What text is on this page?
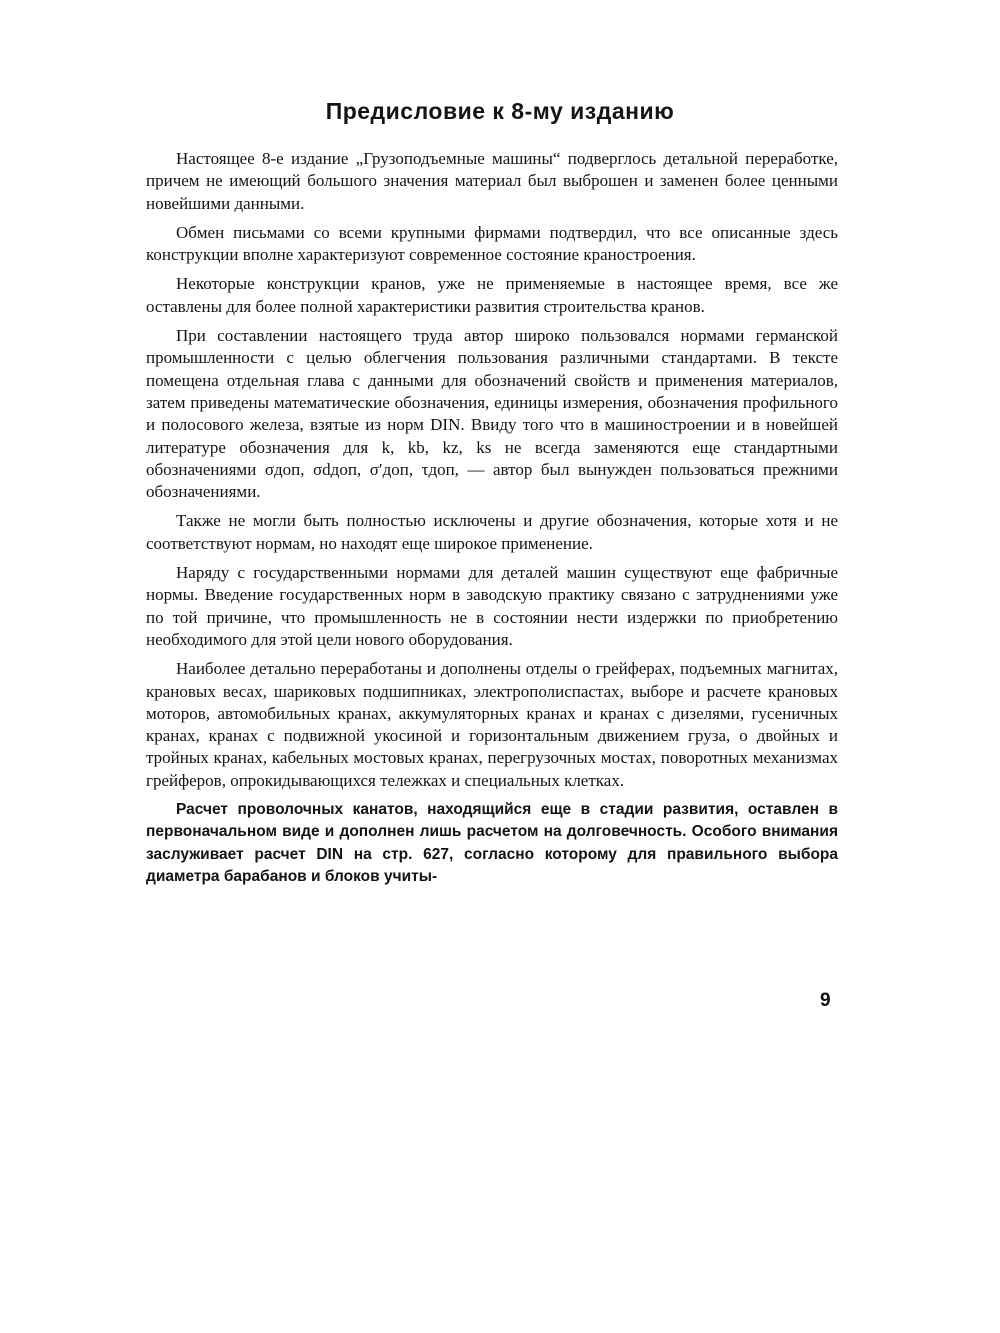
Предисловие к 8-му изданию

Настоящее 8-е издание „Грузоподъемные машины“ подверглось детальной переработке, причем не имеющий большого значения материал был выброшен и заменен более ценными новейшими данными.

Обмен письмами со всеми крупными фирмами подтвердил, что все описанные здесь конструкции вполне характеризуют современное состояние краностроения.

Некоторые конструкции кранов, уже не применяемые в настоящее время, все же оставлены для более полной характеристики развития строительства кранов.

При составлении настоящего труда автор широко пользовался нормами германской промышленности с целью облегчения пользования различными стандартами. В тексте помещена отдельная глава с данными для обозначений свойств и применения материалов, затем приведены математические обозначения, единицы измерения, обозначения профильного и полосового железа, взятые из норм DIN. Ввиду того что в машиностроении и в новейшей литературе обозначения для k, kb, kz, ks не всегда заменяются еще стандартными обозначениями σдоп, σdдоп, σ′доп, τдоп, — автор был вынужден пользоваться прежними обозначениями.

Также не могли быть полностью исключены и другие обозначения, которые хотя и не соответствуют нормам, но находят еще широкое применение.

Наряду с государственными нормами для деталей машин существуют еще фабричные нормы. Введение государственных норм в заводскую практику связано с затруднениями уже по той причине, что промышленность не в состоянии нести издержки по приобретению необходимого для этой цели нового оборудования.

Наиболее детально переработаны и дополнены отделы о грейферах, подъемных магнитах, крановых весах, шариковых подшипниках, электрополиспастах, выборе и расчете крановых моторов, автомобильных кранах, аккумуляторных кранах и кранах с дизелями, гусеничных кранах, кранах с подвижной укосиной и горизонтальным движением груза, о двойных и тройных кранах, кабельных мостовых кранах, перегрузочных мостах, поворотных механизмах грейферов, опрокидывающихся тележках и специальных клетках.

Расчет проволочных канатов, находящийся еще в стадии развития, оставлен в первоначальном виде и дополнен лишь расчетом на долговечность. Особого внимания заслуживает расчет DIN на стр. 627, согласно которому для правильного выбора диаметра барабанов и блоков учиты-

9
